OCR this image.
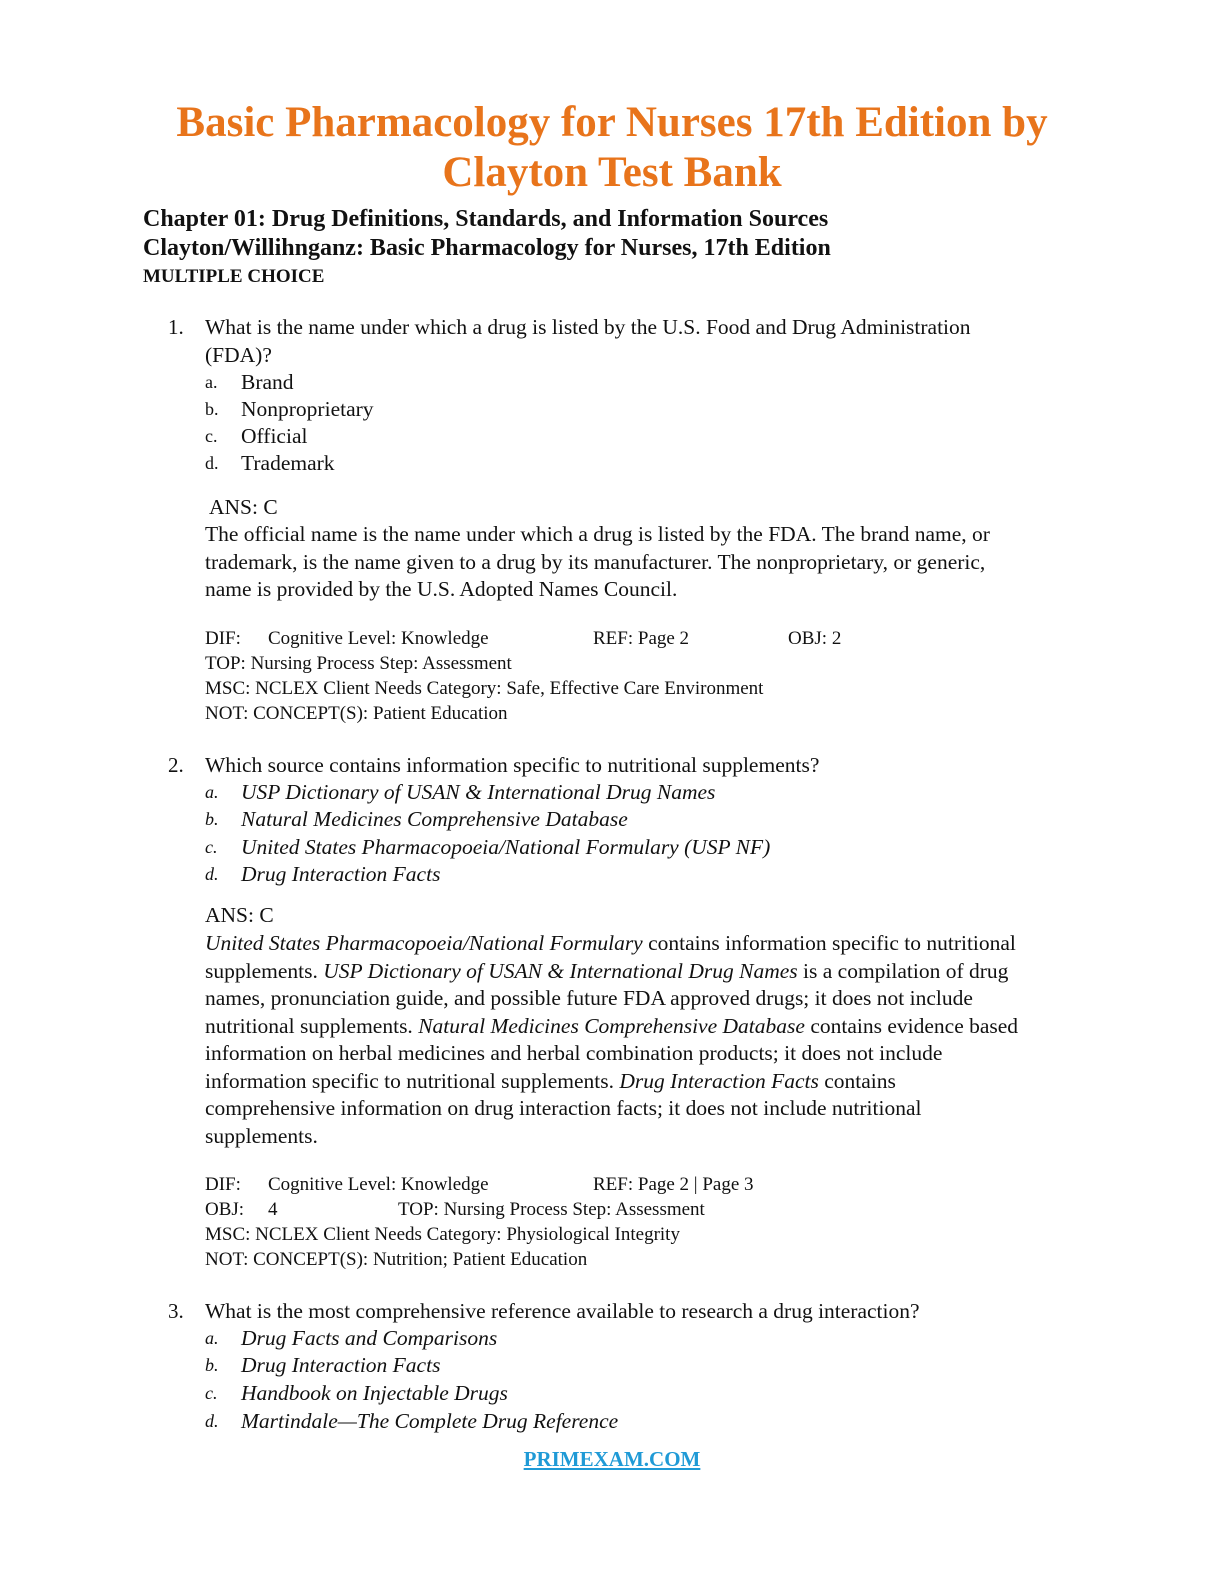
Basic Pharmacology for Nurses 17th Edition by
Clayton Test Bank
Chapter 01: Drug Definitions, Standards, and Information Sources
Clayton/Willihnganz: Basic Pharmacology for Nurses, 17th Edition
MULTIPLE CHOICE
1. What is the name under which a drug is listed by the U.S. Food and Drug Administration
(FDA)?
a. Brand
b. Nonproprietary
c. Official
d. Trademark
ANS: C
The official name is the name under which a drug is listed by the FDA. The brand name, or
trademark, is the name given to a drug by its manufacturer. The nonproprietary, or generic,
name is provided by the U.S. Adopted Names Council.
DIF: Cognitive Level: Knowledge	REF: Page 2	OBJ: 2
TOP: Nursing Process Step: Assessment
MSC: NCLEX Client Needs Category: Safe, Effective Care Environment
NOT: CONCEPT(S): Patient Education
2. Which source contains information specific to nutritional supplements?
a. USP Dictionary of USAN & International Drug Names
b. Natural Medicines Comprehensive Database
c. United States Pharmacopoeia/National Formulary (USP NF)
d. Drug Interaction Facts
ANS: C
United States Pharmacopoeia/National Formulary contains information specific to nutritional
supplements. USP Dictionary of USAN & International Drug Names is a compilation of drug
names, pronunciation guide, and possible future FDA approved drugs; it does not include
nutritional supplements. Natural Medicines Comprehensive Database contains evidence based
information on herbal medicines and herbal combination products; it does not include
information specific to nutritional supplements. Drug Interaction Facts contains
comprehensive information on drug interaction facts; it does not include nutritional
supplements.
DIF: Cognitive Level: Knowledge	REF: Page 2 | Page 3
OBJ: 4	TOP: Nursing Process Step: Assessment
MSC: NCLEX Client Needs Category: Physiological Integrity
NOT: CONCEPT(S): Nutrition; Patient Education
3. What is the most comprehensive reference available to research a drug interaction?
a. Drug Facts and Comparisons
b. Drug Interaction Facts
c. Handbook on Injectable Drugs
d. Martindale—The Complete Drug Reference
PRIMEXAM.COM
